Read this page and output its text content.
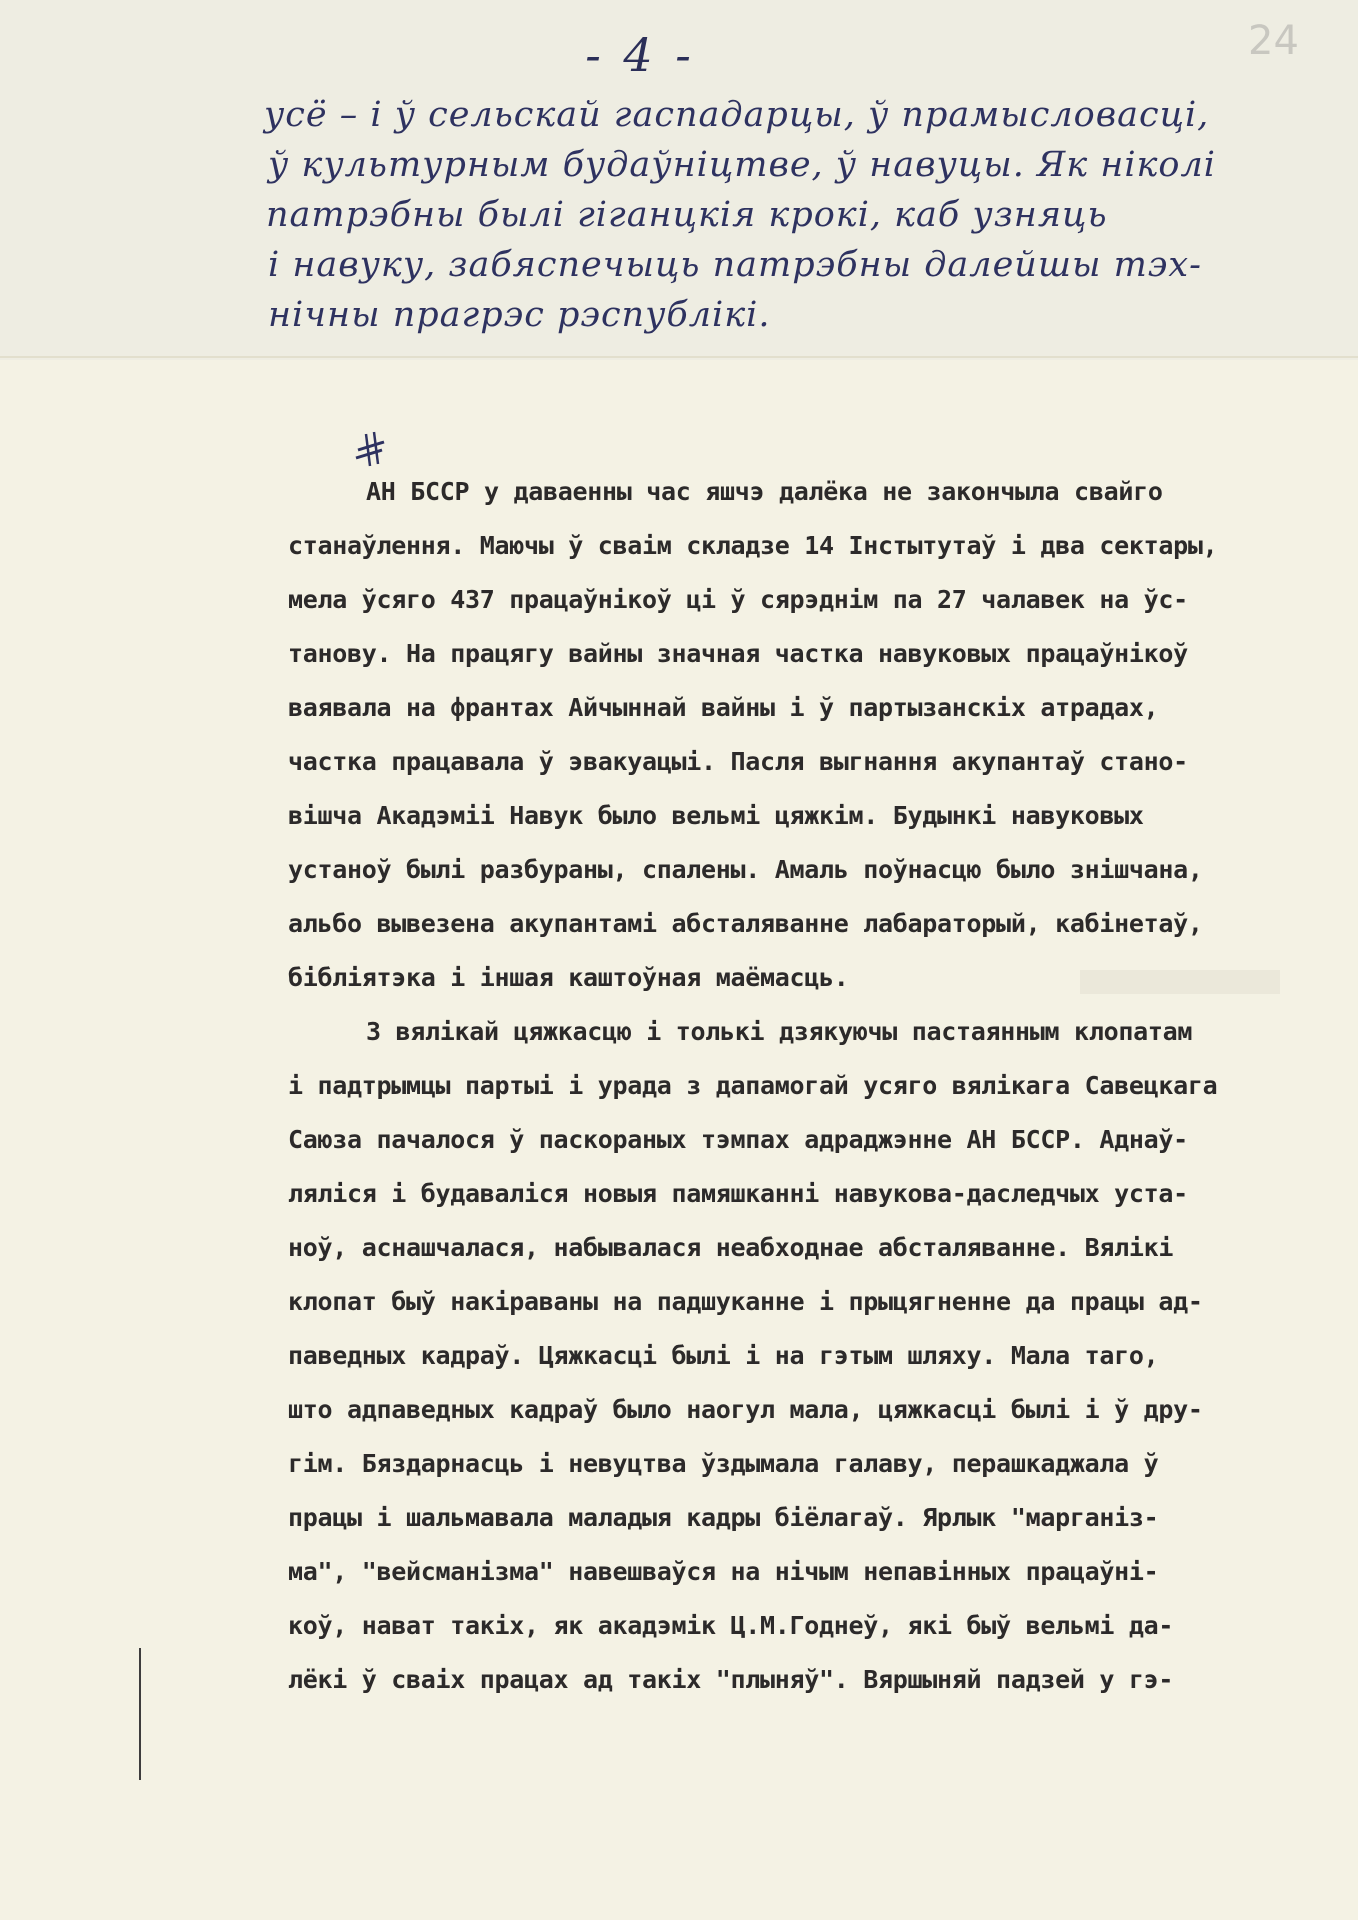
- 4 -	24
усё – і ў сельскай гаспадарцы, ў прамысловасці,
ў культурным будаўніцтве, ў навуцы. Як ніколі
патрэбны былі гіганцкія крокі, каб узняць
і навуку, забяспечыць патрэбны далейшы тэх-
нічны прагрэс рэспублікі.
АН БССР у даваенны час яшчэ далёка не закончыла свайго
станаўлення. Маючы ў сваім складзе 14 Інстытутаў і два сектары,
мела ўсяго 437 працаўнікоў ці ў сярэднім па 27 чалавек на ўс-
танову. На працягу вайны значная частка навуковых працаўнікоў
ваявала на франтах Айчыннай вайны і ў партызанскіх атрадах,
частка працавала ў эвакуацыі. Пасля выгнання акупантаў стано-
вішча Акадэміі Навук было вельмі цяжкім. Будынкі навуковых
устаноў былі разбураны, спалены. Амаль поўнасцю было знішчана,
альбо вывезена акупантамі абсталяванне лабараторый, кабінетаў,
бібліятэка і іншая каштоўная маёмасць.
З вялікай цяжкасцю і толькі дзякуючы пастаянным клопатам
і падтрымцы партыі і урада з дапамогай усяго вялікага Савецкага
Саюза пачалося ў паскораных тэмпах адраджэнне АН БССР. Аднаў-
ляліся і будаваліся новыя памяшканні навукова-даследчых уста-
ноў, аснашчалася, набывалася неабходнае абсталяванне. Вялікі
клопат быў накіраваны на падшуканне і прыцягненне да працы ад-
паведных кадраў. Цяжкасці былі і на гэтым шляху. Мала таго,
што адпаведных кадраў было наогул мала, цяжкасці былі і ў дру-
гім. Бяздарнасць і невуцтва ўздымала галаву, перашкаджала ў
працы і шальмавала маладыя кадры біёлагаў. Ярлык "марганіз-
ма", "вейсманізма" навешваўся на нічым непавінных працаўні-
коў, нават такіх, як акадэмік Ц.М.Годнеў, які быў вельмі да-
лёкі ў сваіх працах ад такіх "плыняў". Вяршыняй падзей у гэ-
